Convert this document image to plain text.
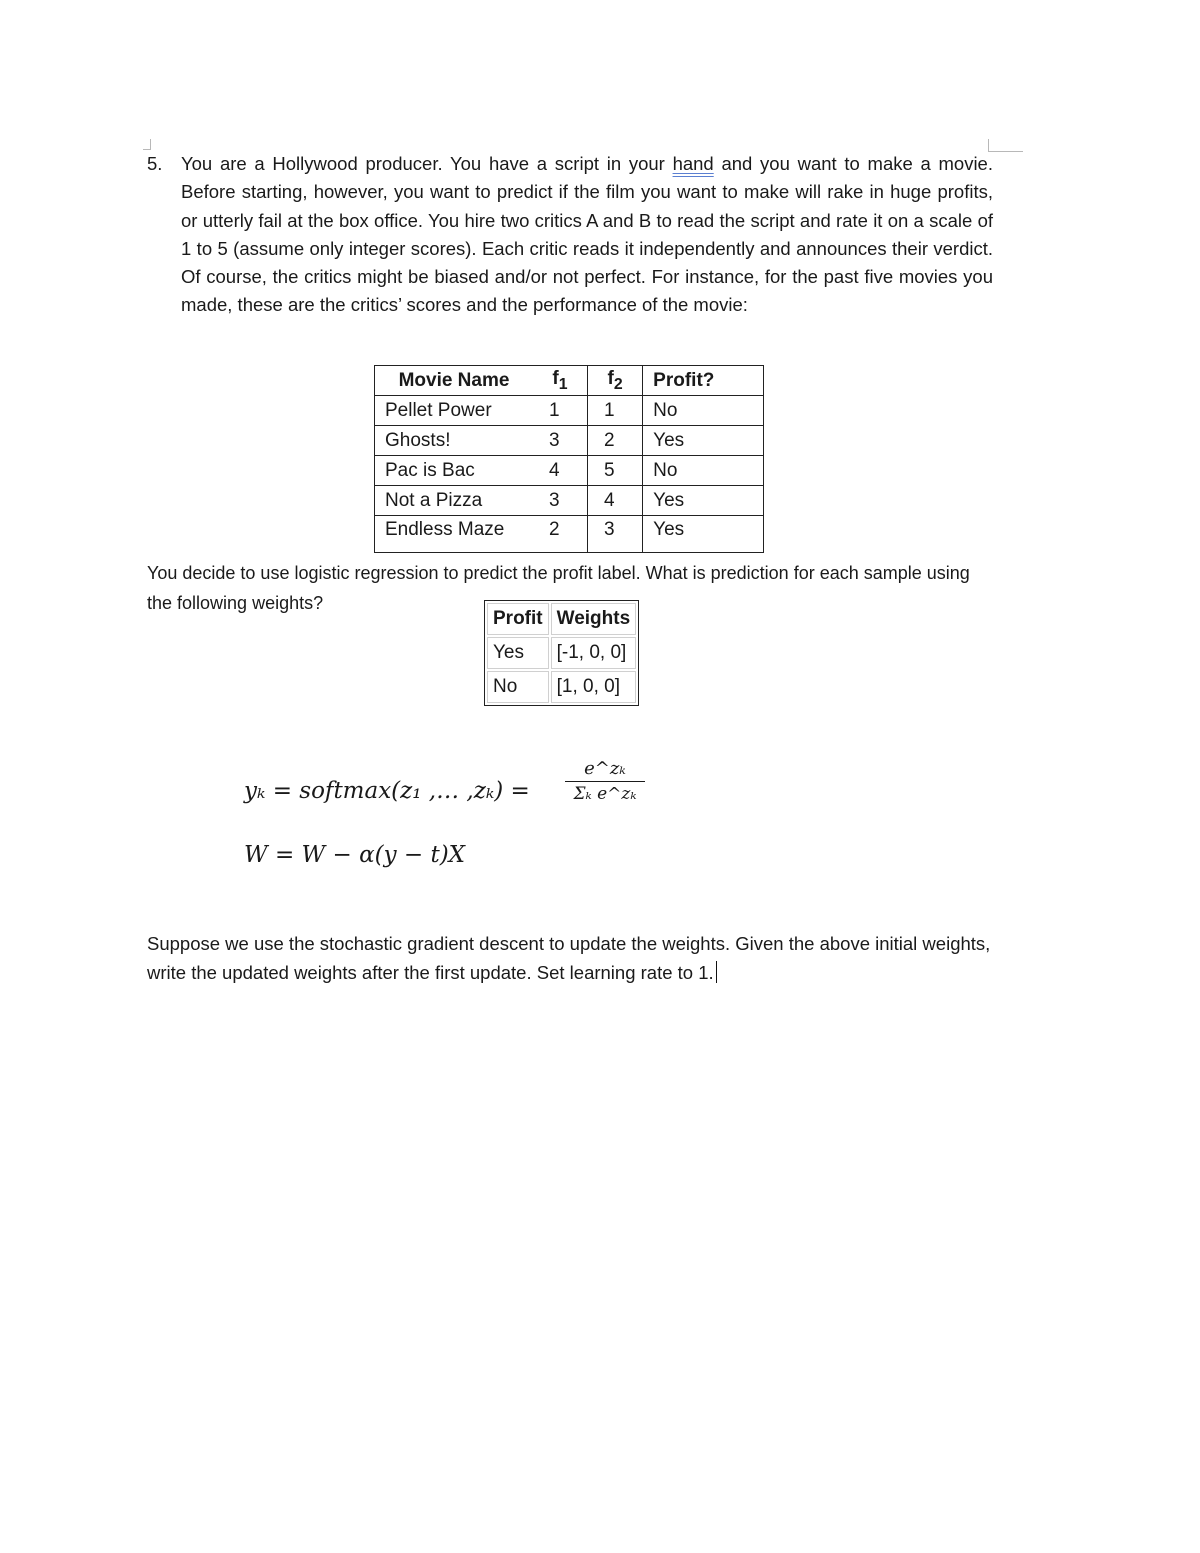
5. You are a Hollywood producer. You have a script in your hand and you want to make a movie. Before starting, however, you want to predict if the film you want to make will rake in huge profits, or utterly fail at the box office. You hire two critics A and B to read the script and rate it on a scale of 1 to 5 (assume only integer scores). Each critic reads it independently and announces their verdict. Of course, the critics might be biased and/or not perfect. For instance, for the past five movies you made, these are the critics’ scores and the performance of the movie:
Movie Name	$f_1$	$f_2$	Profit?
Pellet Power	1	1	No
Ghosts!	3	2	Yes
Pac is Bac	4	5	No
Not a Pizza	3	4	Yes
Endless Maze	2	3	Yes
You decide to use logistic regression to predict the profit label. What is prediction for each sample using the following weights?
Profit	Weights
Yes	[-1, 0, 0]
No	[1, 0, 0]
yₖ = softmax(z₁ ,… $,z_k) = \frac{\text{e\textasciicircum{}zₖ}}{\text{Σₖ e\textasciicircum{}zₖ}}$
W = W − α(y − t)X
Suppose we use the stochastic gradient descent to update the weights. Given the above initial weights, write the updated weights after the first update. Set learning rate to 1.
